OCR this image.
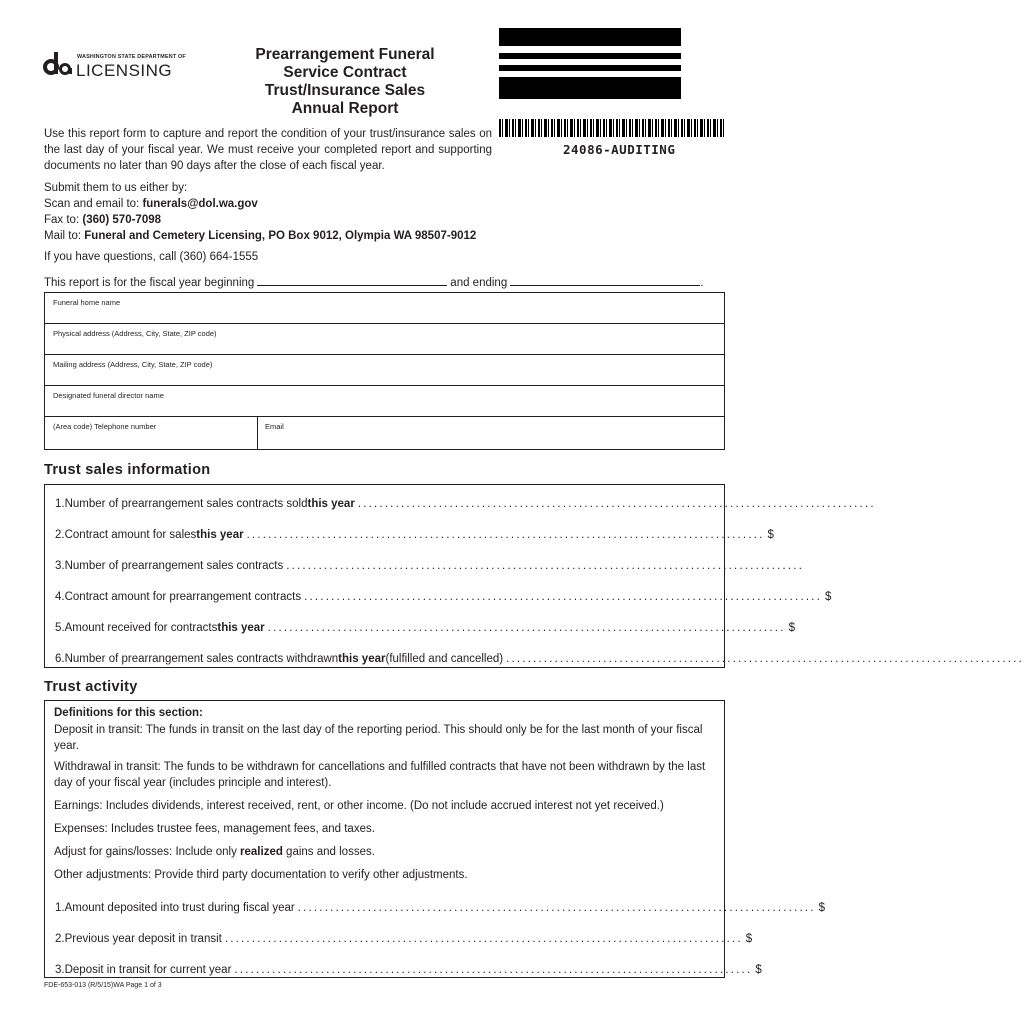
WASHINGTON STATE DEPARTMENT OF
LICENSING
Prearrangement Funeral
Service Contract
Trust/Insurance Sales
Annual Report
24086-AUDITING
Use this report form to capture and report the condition of your trust/insurance sales on the last day of your fiscal year. We must receive your completed report and supporting documents no later than 90 days after the close of each fiscal year.
Submit them to us either by:
Scan and email to: funerals@dol.wa.gov
Fax to: (360) 570-7098
Mail to: Funeral and Cemetery Licensing, PO Box 9012, Olympia WA 98507-9012
If you have questions, call (360) 664-1555
This report is for the fiscal year beginning	and ending	.
Funeral home name
Physical address (Address, City, State, ZIP code)
Mailing address (Address, City, State, ZIP code)
Designated funeral director name
(Area code) Telephone number	Email
Trust sales information
1. Number of prearrangement sales contracts sold this year ................................................................................................
2. Contract amount for sales this year ................................................................................................ $
3. Number of prearrangement sales contracts ................................................................................................
4. Contract amount for prearrangement contracts ................................................................................................ $
5. Amount received for contracts this year ................................................................................................ $
6. Number of prearrangement sales contracts withdrawn this year (fulfilled and cancelled) ................................................................................................
Trust activity
Definitions for this section:
Deposit in transit: The funds in transit on the last day of the reporting period. This should only be for the last month of your fiscal year.
Withdrawal in transit: The funds to be withdrawn for cancellations and fulfilled contracts that have not been withdrawn by the last day of your fiscal year (includes principle and interest).
Earnings: Includes dividends, interest received, rent, or other income. (Do not include accrued interest not yet received.)
Expenses: Includes trustee fees, management fees, and taxes.
Adjust for gains/losses: Include only realized gains and losses.
Other adjustments: Provide third party documentation to verify other adjustments.
1. Amount deposited into trust during fiscal year ................................................................................................ $
2. Previous year deposit in transit ................................................................................................ $
3. Deposit in transit for current year ................................................................................................ $
FDE-653-013 (R/5/15)WA Page 1 of 3
